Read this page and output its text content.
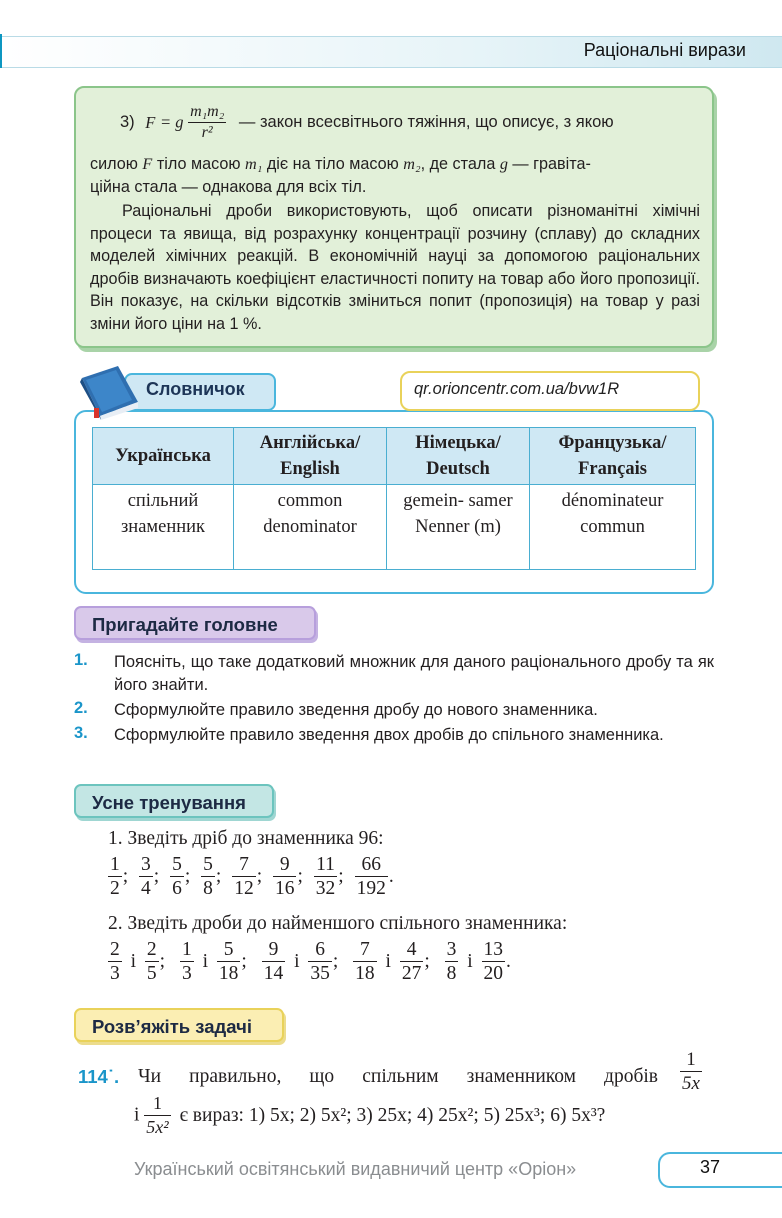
Раціональні вирази
3) F = g $\frac{\text{m₁m₂}}{\text{r²}}$ — закон всесвітнього тяжіння, що описує, з якою
силою F тіло масою m₁ діє на тіло масою m₂, де стала g — гравіта-
ційна стала — однакова для всіх тіл.
Раціональні дроби використовують, щоб описати різноманітні хімічні процеси та явища, від розрахунку концентрації розчину (сплаву) до складних моделей хімічних реакцій. В економічній науці за допомогою раціональних дробів визначають коефіцієнт еластичності попиту на товар або його пропозиції. Він показує, на скільки відсотків зміниться попит (пропозиція) на товар у разі зміни його ціни на 1 %.
Словничок	qr.orioncentr.com.ua/bvw1R
Українська	Англійська/ English	Німецька/ Deutsch	Французька/ Français

спільний знаменник	common denominator	gemein- samer Nenner (m)	dénominateur commun
Пригадайте головне
1. Поясніть, що таке додатковий множник для даного раціонального дробу та як його знайти.
2. Сформулюйте правило зведення дробу до нового знаменника.
3. Сформулюйте правило зведення двох дробів до спільного знаменника.
Усне тренування
1. Зведіть дріб до знаменника 96:
$\frac{1}{2}$ ; $\frac{3}{4}$ ; $\frac{5}{6}$ ; $\frac{5}{8}$ ; $\frac{7}{12}$ ; $\frac{9}{16}$ ; $\frac{11}{32}$ ; $\frac{66}{192}$ .
2. Зведіть дроби до найменшого спільного знаменника:
$\frac{2}{3}$ і $\frac{2}{5}$ ; $\frac{1}{3}$ і $\frac{5}{18}$ ; $\frac{9}{14}$ і $\frac{6}{35}$ ; $\frac{7}{18}$ і $\frac{4}{27}$ ; $\frac{3}{8}$ і $\frac{13}{20}$ .
Розв’яжіть задачі
114˙. Чи правильно, що спільним знаменником дробів $\frac{1}{5x}$
і $\frac{1}{\text{5x²}}$ є вираз: 1) 5x; 2) 5x²; 3) 25x; 4) 25x²; 5) 25x³; 6) 5x³?
Український освітянський видавничий центр «Оріон»	37
